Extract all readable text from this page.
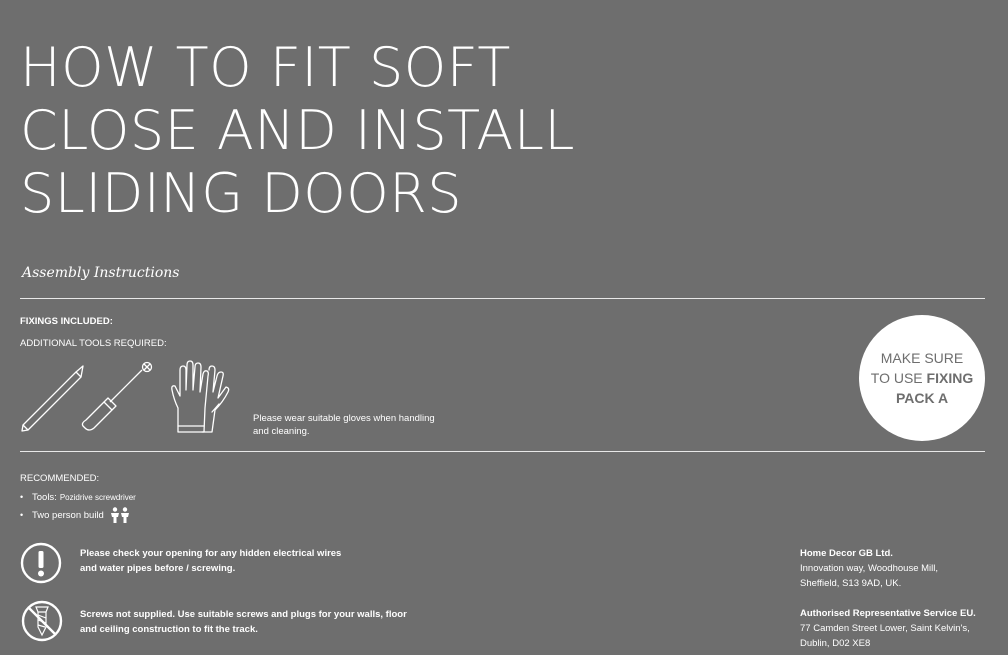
HOW TO FIT SOFT
CLOSE AND INSTALL
SLIDING DOORS
Assembly Instructions
FIXINGS INCLUDED:
ADDITIONAL TOOLS REQUIRED:
Please wear suitable gloves when handling and cleaning.
MAKE SURE
TO USE FIXING
PACK A
RECOMMENDED:
• Tools: Pozidrive screwdriver
• Two person build
Please check your opening for any hidden electrical wires
and water pipes before / screwing.
Screws not supplied. Use suitable screws and plugs for your walls, floor
and ceiling construction to fit the track.
Home Decor GB Ltd.
Innovation way, Woodhouse Mill,
Sheffield, S13 9AD, UK.
Authorised Representative Service EU.
77 Camden Street Lower, Saint Kelvin's,
Dublin, D02 XE8
